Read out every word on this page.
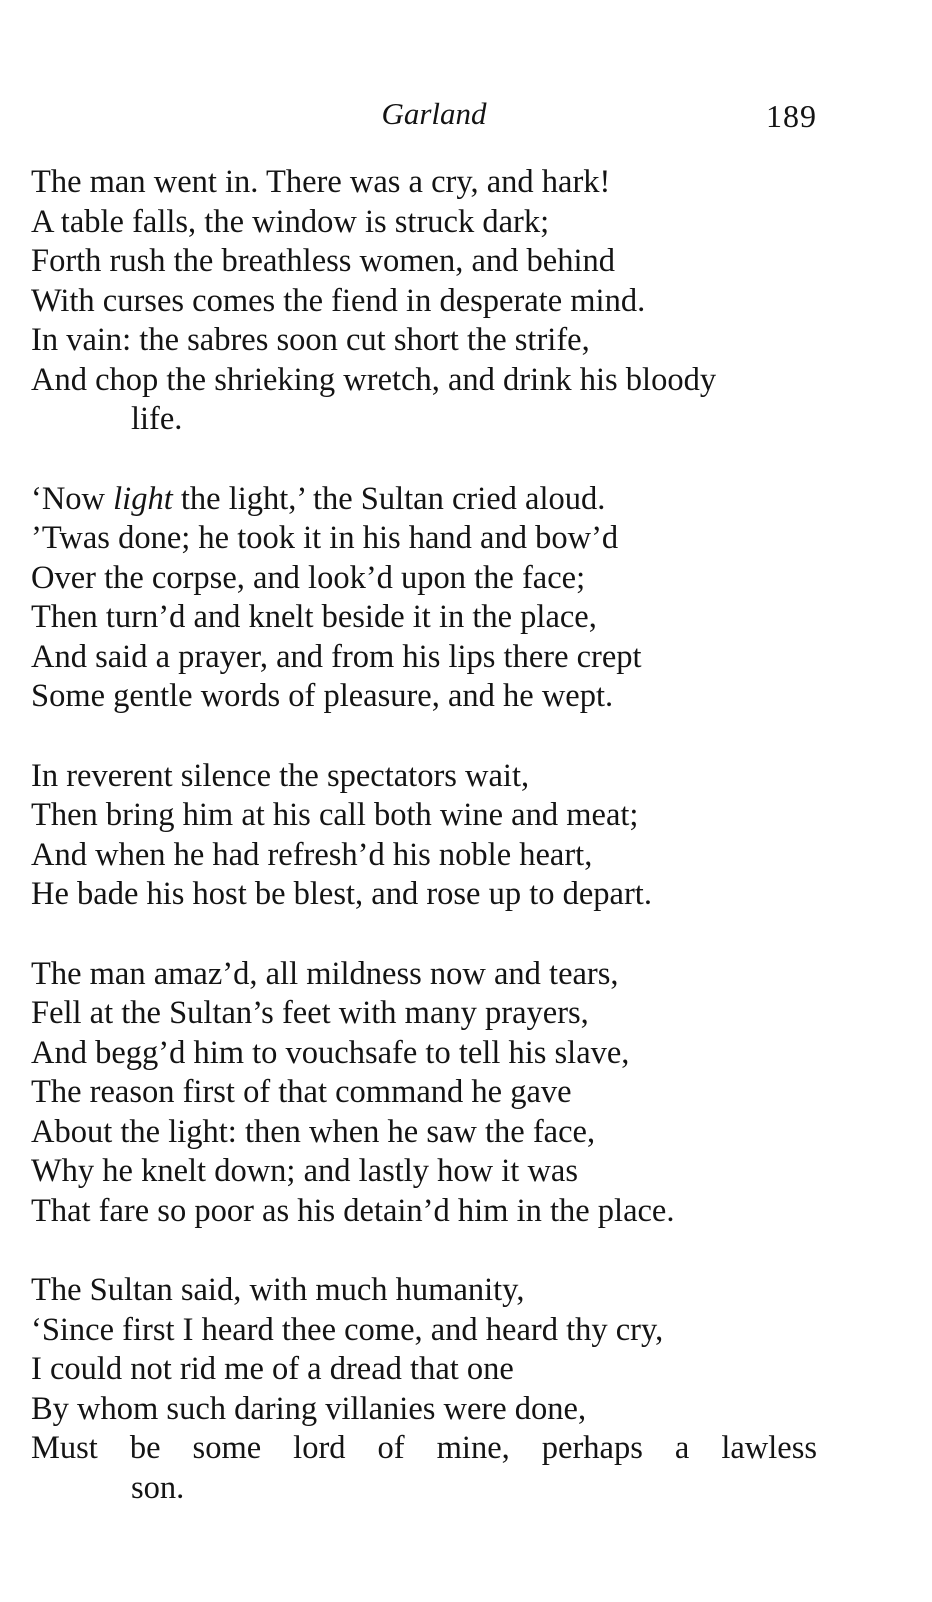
Garland	189
The man went in. There was a cry, and hark!
A table falls, the window is struck dark;
Forth rush the breathless women, and behind
With curses comes the fiend in desperate mind.
In vain: the sabres soon cut short the strife,
And chop the shrieking wretch, and drink his bloody
life.
‘Now light the light,’ the Sultan cried aloud.
’Twas done; he took it in his hand and bow’d
Over the corpse, and look’d upon the face;
Then turn’d and knelt beside it in the place,
And said a prayer, and from his lips there crept
Some gentle words of pleasure, and he wept.
In reverent silence the spectators wait,
Then bring him at his call both wine and meat;
And when he had refresh’d his noble heart,
He bade his host be blest, and rose up to depart.
The man amaz’d, all mildness now and tears,
Fell at the Sultan’s feet with many prayers,
And begg’d him to vouchsafe to tell his slave,
The reason first of that command he gave
About the light: then when he saw the face,
Why he knelt down; and lastly how it was
That fare so poor as his detain’d him in the place.
The Sultan said, with much humanity,
‘Since first I heard thee come, and heard thy cry,
I could not rid me of a dread that one
By whom such daring villanies were done,
Must be some lord of mine, perhaps a lawless
son.
